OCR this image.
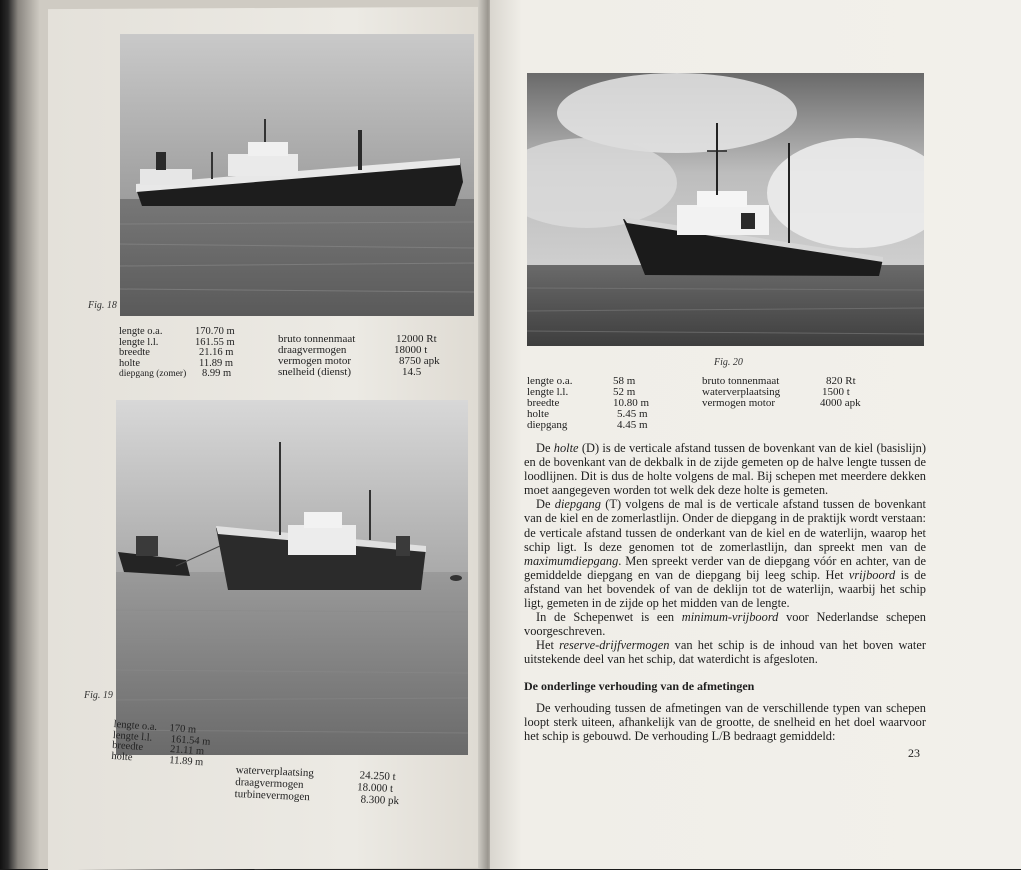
Fig. 18
lengte o.a.	170.70 m
lengte l.l.	161.55 m
breedte	21.16 m
holte	11.89 m
diepgang (zomer) 8.99 m
bruto tonnenmaat	12000 Rt
draagvermogen	18000 t
vermogen motor	8750 apk
snelheid (dienst)	14.5
Fig. 19
lengte o.a. 170 m
lengte l.l. 161.54 m
breedte	21.11 m
holte	11.89 m
waterverplaatsing	24.250 t
draagvermogen	18.000 t
turbinevermogen	8.300 pk
Fig. 20
lengte o.a.	58 m
lengte l.l.	52 m
breedte	10.80 m
holte	5.45 m
diepgang	4.45 m
bruto tonnenmaat	820 Rt
waterverplaatsing	1500 t
vermogen motor	4000 apk

De holte (D) is de verticale afstand tussen de bovenkant van de kiel (basislijn) en de bovenkant van de dekbalk in de zijde gemeten op de halve lengte tussen de loodlijnen. Dit is dus de holte volgens de mal. Bij schepen met meerdere dekken moet aangegeven worden tot welk dek deze holte is gemeten.

De diepgang (T) volgens de mal is de verticale afstand tussen de bovenkant van de kiel en de zomerlastlijn. Onder de diepgang in de praktijk wordt verstaan: de verticale afstand tussen de onderkant van de kiel en de waterlijn, waarop het schip ligt. Is deze genomen tot de zomerlastlijn, dan spreekt men van de maximumdiepgang. Men spreekt verder van de diepgang vóór en achter, van de gemiddelde diepgang en van de diepgang bij leeg schip. Het vrijboord is de afstand van het bovendek of van de deklijn tot de waterlijn, waarbij het schip ligt, gemeten in de zijde op het midden van de lengte.

In de Schepenwet is een minimum-vrijboord voor Nederlandse schepen voorgeschreven.

Het reserve-drijfvermogen van het schip is de inhoud van het boven water uitstekende deel van het schip, dat waterdicht is afgesloten.

De onderlinge verhouding van de afmetingen

De verhouding tussen de afmetingen van de verschillende typen van schepen loopt sterk uiteen, afhankelijk van de grootte, de snelheid en het doel waarvoor het schip is gebouwd. De verhouding L/B bedraagt gemiddeld:

23
